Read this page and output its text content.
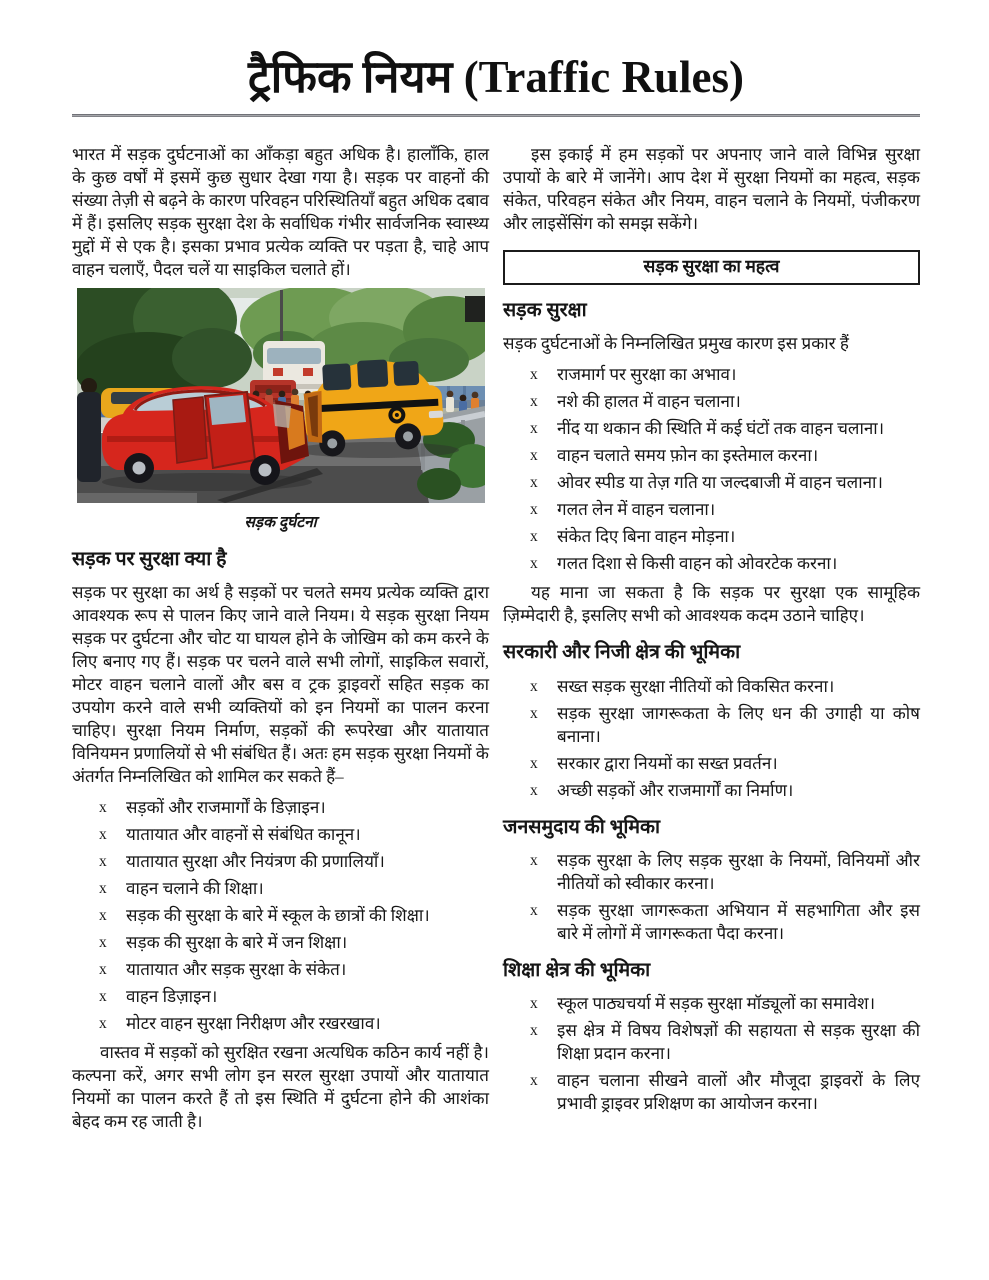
ट्रैफिक नियम (Traffic Rules)

भारत में सड़क दुर्घटनाओं का आँकड़ा बहुत अधिक है। हालाँकि, हाल के कुछ वर्षों में इसमें कुछ सुधार देखा गया है। सड़क पर वाहनों की संख्या तेज़ी से बढ़ने के कारण परिवहन परिस्थितियाँ बहुत अधिक दबाव में हैं। इसलिए सड़क सुरक्षा देश के सर्वाधिक गंभीर सार्वजनिक स्वास्थ्य मुद्दों में से एक है। इसका प्रभाव प्रत्येक व्यक्ति पर पड़ता है, चाहे आप वाहन चलाएँ, पैदल चलें या साइकिल चलाते हों।

सड़क दुर्घटना
सड़क पर सुरक्षा क्या है

सड़क पर सुरक्षा का अर्थ है सड़कों पर चलते समय प्रत्येक व्यक्ति द्वारा आवश्यक रूप से पालन किए जाने वाले नियम। ये सड़क सुरक्षा नियम सड़क पर दुर्घटना और चोट या घायल होने के जोखिम को कम करने के लिए बनाए गए हैं। सड़क पर चलने वाले सभी लोगों, साइकिल सवारों, मोटर वाहन चलाने वालों और बस व ट्रक ड्राइवरों सहित सड़क का उपयोग करने वाले सभी व्यक्तियों को इन नियमों का पालन करना चाहिए। सुरक्षा नियम निर्माण, सड़कों की रूपरेखा और यातायात विनियमन प्रणालियों से भी संबंधित हैं। अतः हम सड़क सुरक्षा नियमों के अंतर्गत निम्नलिखित को शामिल कर सकते हैं–

x	सड़कों और राजमार्गों के डिज़ाइन।
x	यातायात और वाहनों से संबंधित कानून।
x	यातायात सुरक्षा और नियंत्रण की प्रणालियाँ।
x	वाहन चलाने की शिक्षा।
x	सड़क की सुरक्षा के बारे में स्कूल के छात्रों की शिक्षा।
x	सड़क की सुरक्षा के बारे में जन शिक्षा।
x	यातायात और सड़क सुरक्षा के संकेत।
x	वाहन डिज़ाइन।
x	मोटर वाहन सुरक्षा निरीक्षण और रखरखाव।

वास्तव में सड़कों को सुरक्षित रखना अत्यधिक कठिन कार्य नहीं है। कल्पना करें, अगर सभी लोग इन सरल सुरक्षा उपायों और यातायात नियमों का पालन करते हैं तो इस स्थिति में दुर्घटना होने की आशंका बेहद कम रह जाती है।

इस इकाई में हम सड़कों पर अपनाए जाने वाले विभिन्न सुरक्षा उपायों के बारे में जानेंगे। आप देश में सुरक्षा नियमों का महत्व, सड़क संकेत, परिवहन संकेत और नियम, वाहन चलाने के नियमों, पंजीकरण और लाइसेंसिंग को समझ सकेंगे।

सड़क सुरक्षा का महत्व
सड़क सुरक्षा

सड़क दुर्घटनाओं के निम्नलिखित प्रमुख कारण इस प्रकार हैं

x	राजमार्ग पर सुरक्षा का अभाव।
x	नशे की हालत में वाहन चलाना।
x	नींद या थकान की स्थिति में कई घंटों तक वाहन चलाना।
x	वाहन चलाते समय फ़ोन का इस्तेमाल करना।
x	ओवर स्पीड या तेज़ गति या जल्दबाजी में वाहन चलाना।
x	गलत लेन में वाहन चलाना।
x	संकेत दिए बिना वाहन मोड़ना।
x	गलत दिशा से किसी वाहन को ओवरटेक करना।

यह माना जा सकता है कि सड़क पर सुरक्षा एक सामूहिक ज़िम्मेदारी है, इसलिए सभी को आवश्यक कदम उठाने चाहिए।

सरकारी और निजी क्षेत्र की भूमिका
x	सख्त सड़क सुरक्षा नीतियों को विकसित करना।
x	सड़क सुरक्षा जागरूकता के लिए धन की उगाही या कोष बनाना।
x	सरकार द्वारा नियमों का सख्त प्रवर्तन।
x	अच्छी सड़कों और राजमार्गों का निर्माण।
जनसमुदाय की भूमिका
x	सड़क सुरक्षा के लिए सड़क सुरक्षा के नियमों, विनियमों और नीतियों को स्वीकार करना।
x	सड़क सुरक्षा जागरूकता अभियान में सहभागिता और इस बारे में लोगों में जागरूकता पैदा करना।
शिक्षा क्षेत्र की भूमिका
x	स्कूल पाठ्यचर्या में सड़क सुरक्षा मॉड्यूलों का समावेश।
x	इस क्षेत्र में विषय विशेषज्ञों की सहायता से सड़क सुरक्षा की शिक्षा प्रदान करना।
x	वाहन चलाना सीखने वालों और मौजूदा ड्राइवरों के लिए प्रभावी ड्राइवर प्रशिक्षण का आयोजन करना।
